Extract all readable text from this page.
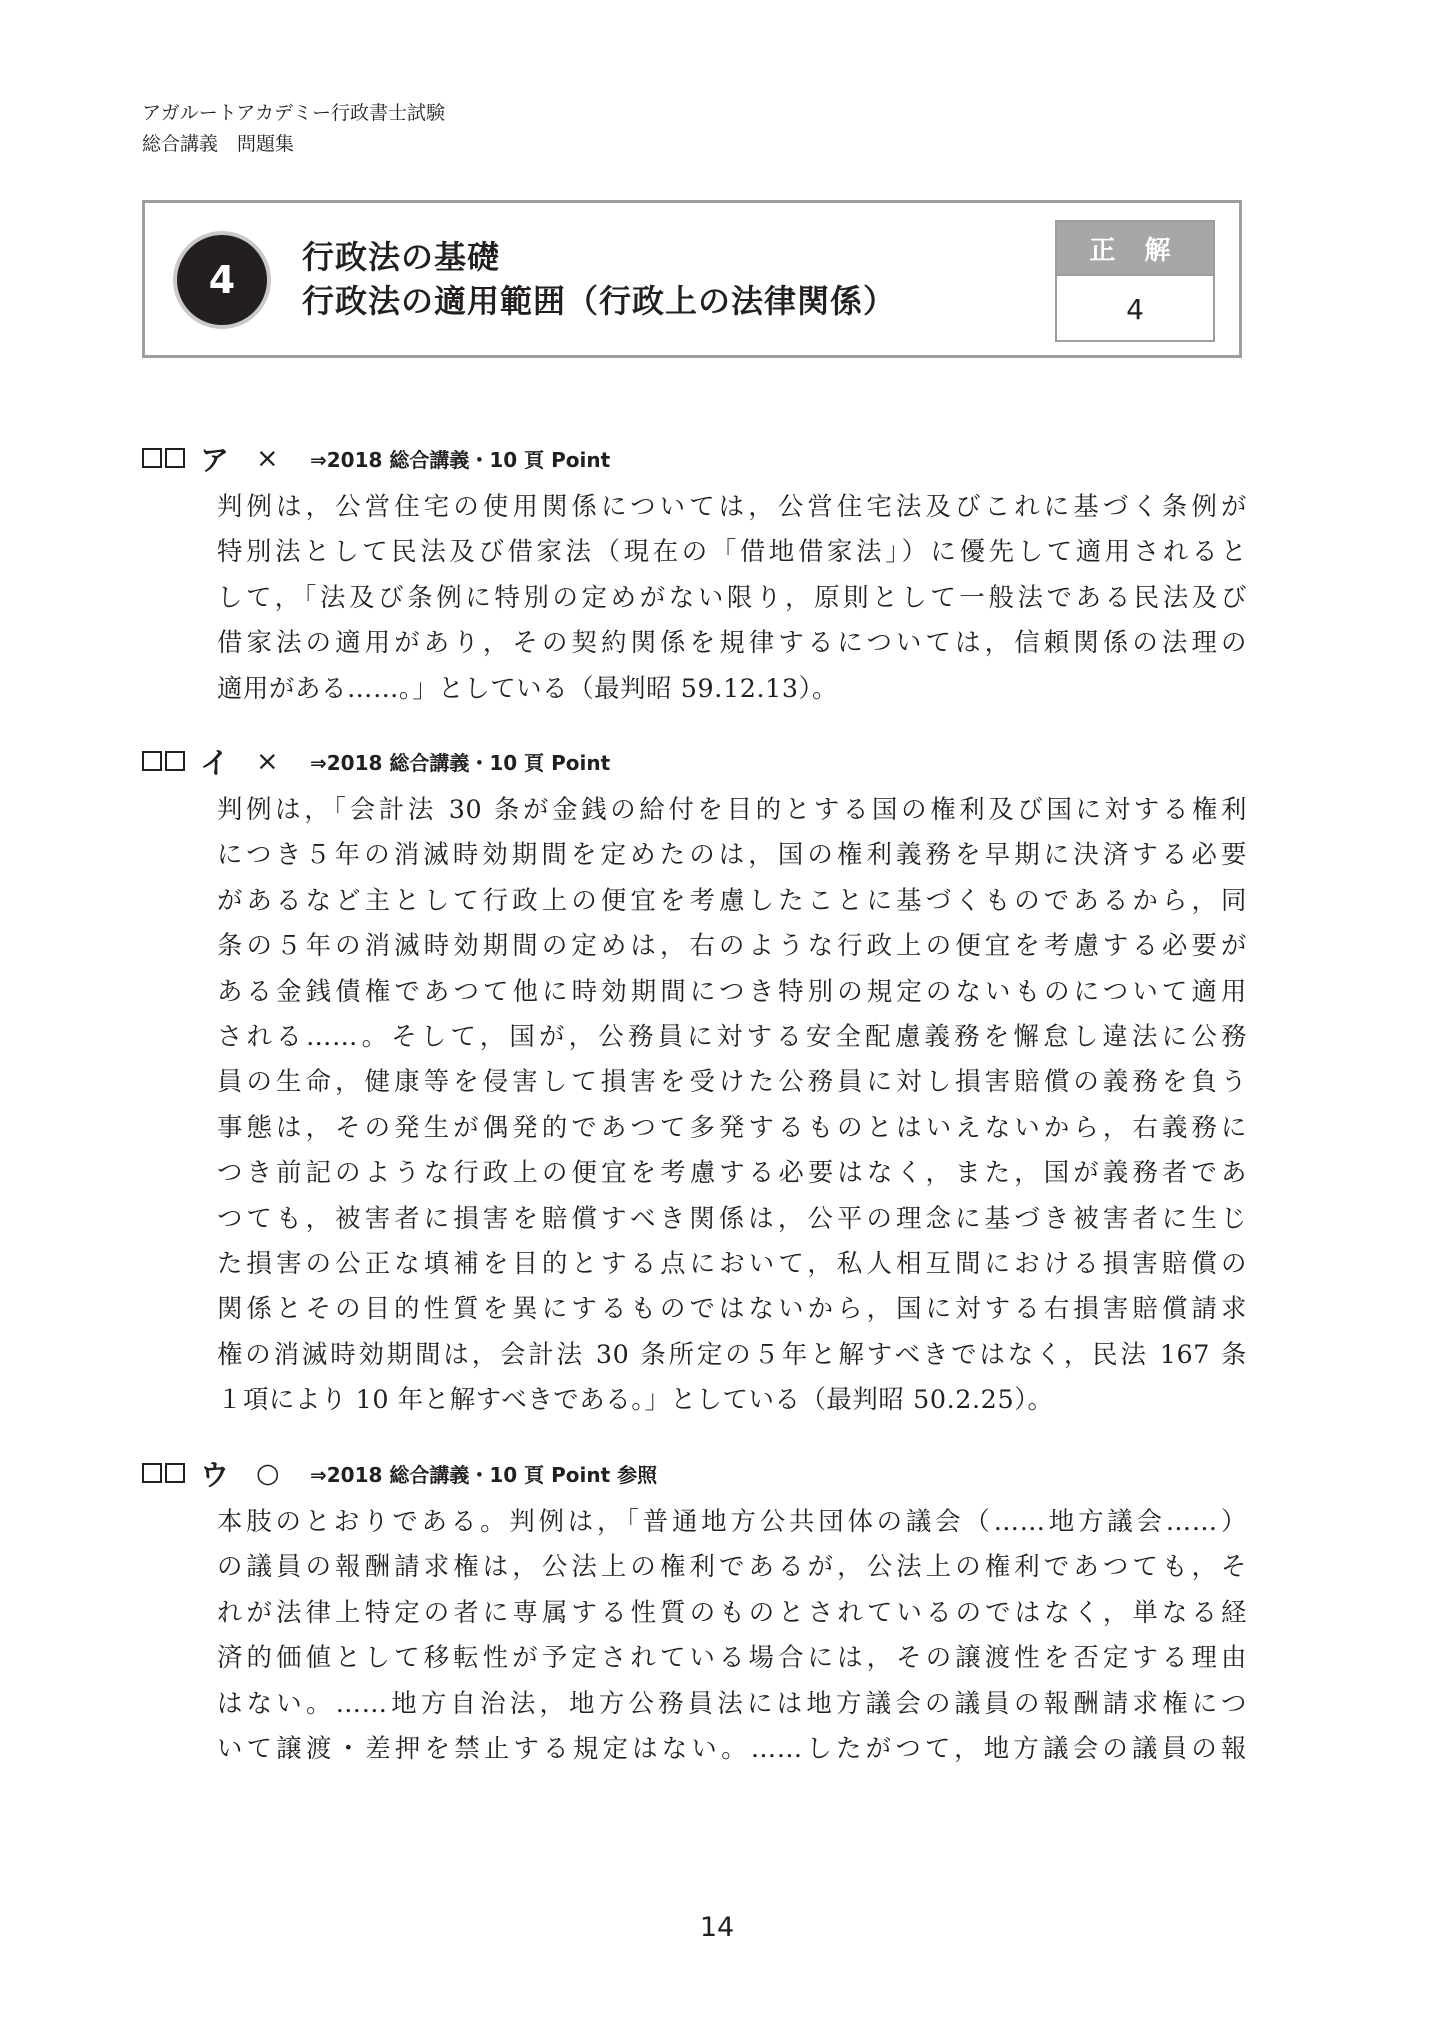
アガルートアカデミー行政書士試験
総合講義　問題集
4
行政法の基礎
行政法の適用範囲（行政上の法律関係）
正 解
4
ア ×	⇒2018 総合講義・10 頁 Point
判例は，公営住宅の使用関係については，公営住宅法及びこれに基づく条例が
特別法として民法及び借家法（現在の「借地借家法」）に優先して適用されると
して，「法及び条例に特別の定めがない限り，原則として一般法である民法及び
借家法の適用があり，その契約関係を規律するについては，信頼関係の法理の
適用がある……。」としている（最判昭 59.12.13）。
イ ×	⇒2018 総合講義・10 頁 Point
判例は，「会計法 30 条が金銭の給付を目的とする国の権利及び国に対する権利
につき５年の消滅時効期間を定めたのは，国の権利義務を早期に決済する必要
があるなど主として行政上の便宜を考慮したことに基づくものであるから，同
条の５年の消滅時効期間の定めは，右のような行政上の便宜を考慮する必要が
ある金銭債権であつて他に時効期間につき特別の規定のないものについて適用
される……。そして，国が，公務員に対する安全配慮義務を懈怠し違法に公務
員の生命，健康等を侵害して損害を受けた公務員に対し損害賠償の義務を負う
事態は，その発生が偶発的であつて多発するものとはいえないから，右義務に
つき前記のような行政上の便宜を考慮する必要はなく，また，国が義務者であ
つても，被害者に損害を賠償すべき関係は，公平の理念に基づき被害者に生じ
た損害の公正な填補を目的とする点において，私人相互間における損害賠償の
関係とその目的性質を異にするものではないから，国に対する右損害賠償請求
権の消滅時効期間は，会計法 30 条所定の５年と解すべきではなく，民法 167 条
１項により 10 年と解すべきである。」としている（最判昭 50.2.25）。
ウ ○	⇒2018 総合講義・10 頁 Point 参照
本肢のとおりである。判例は，「普通地方公共団体の議会（……地方議会……）
の議員の報酬請求権は，公法上の権利であるが，公法上の権利であつても，そ
れが法律上特定の者に専属する性質のものとされているのではなく，単なる経
済的価値として移転性が予定されている場合には，その譲渡性を否定する理由
はない。……地方自治法，地方公務員法には地方議会の議員の報酬請求権につ
いて譲渡・差押を禁止する規定はない。……したがつて，地方議会の議員の報
14
